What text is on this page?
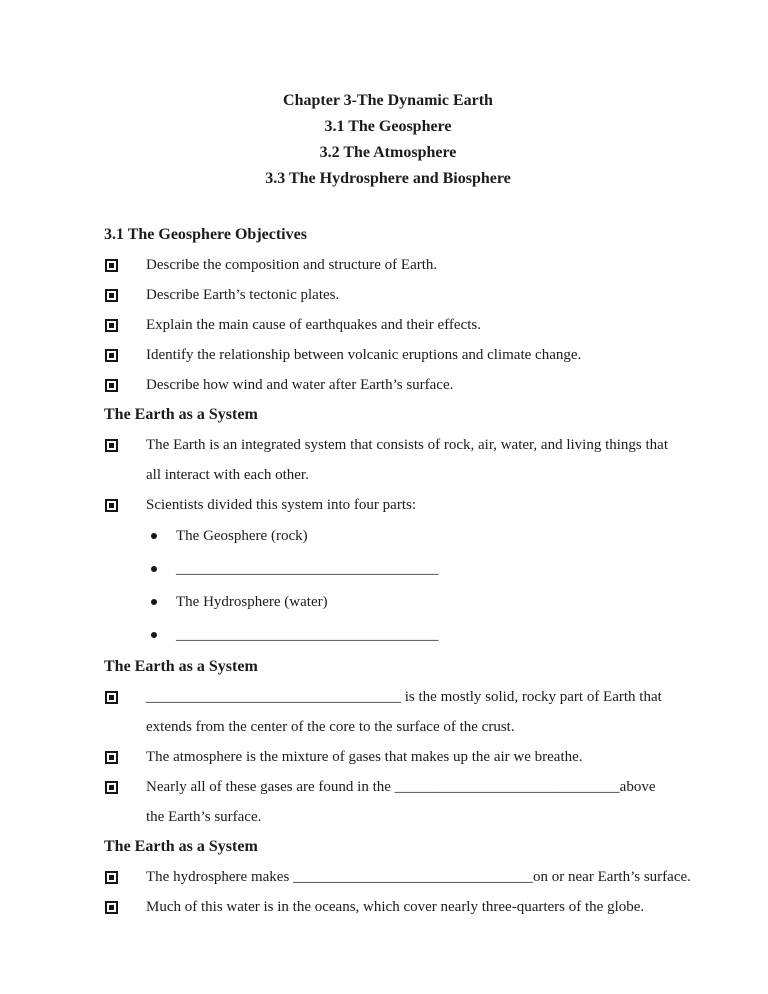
Chapter 3-The Dynamic Earth
3.1 The Geosphere
3.2 The Atmosphere
3.3 The Hydrosphere and Biosphere
3.1 The Geosphere Objectives
Describe the composition and structure of Earth.
Describe Earth’s tectonic plates.
Explain the main cause of earthquakes and their effects.
Identify the relationship between volcanic eruptions and climate change.
Describe how wind and water after Earth’s surface.
The Earth as a System
The Earth is an integrated system that consists of rock, air, water, and living things that
all interact with each other.
Scientists divided this system into four parts:
The Geosphere (rock)
___________________________________
The Hydrosphere (water)
___________________________________
The Earth as a System
__________________________________ is the mostly solid, rocky part of Earth that
extends from the center of the core to the surface of the crust.
The atmosphere is the mixture of gases that makes up the air we breathe.
Nearly all of these gases are found in the ______________________________above
the Earth’s surface.
The Earth as a System
The hydrosphere makes ________________________________on or near Earth’s surface.
Much of this water is in the oceans, which cover nearly three-quarters of the globe.
